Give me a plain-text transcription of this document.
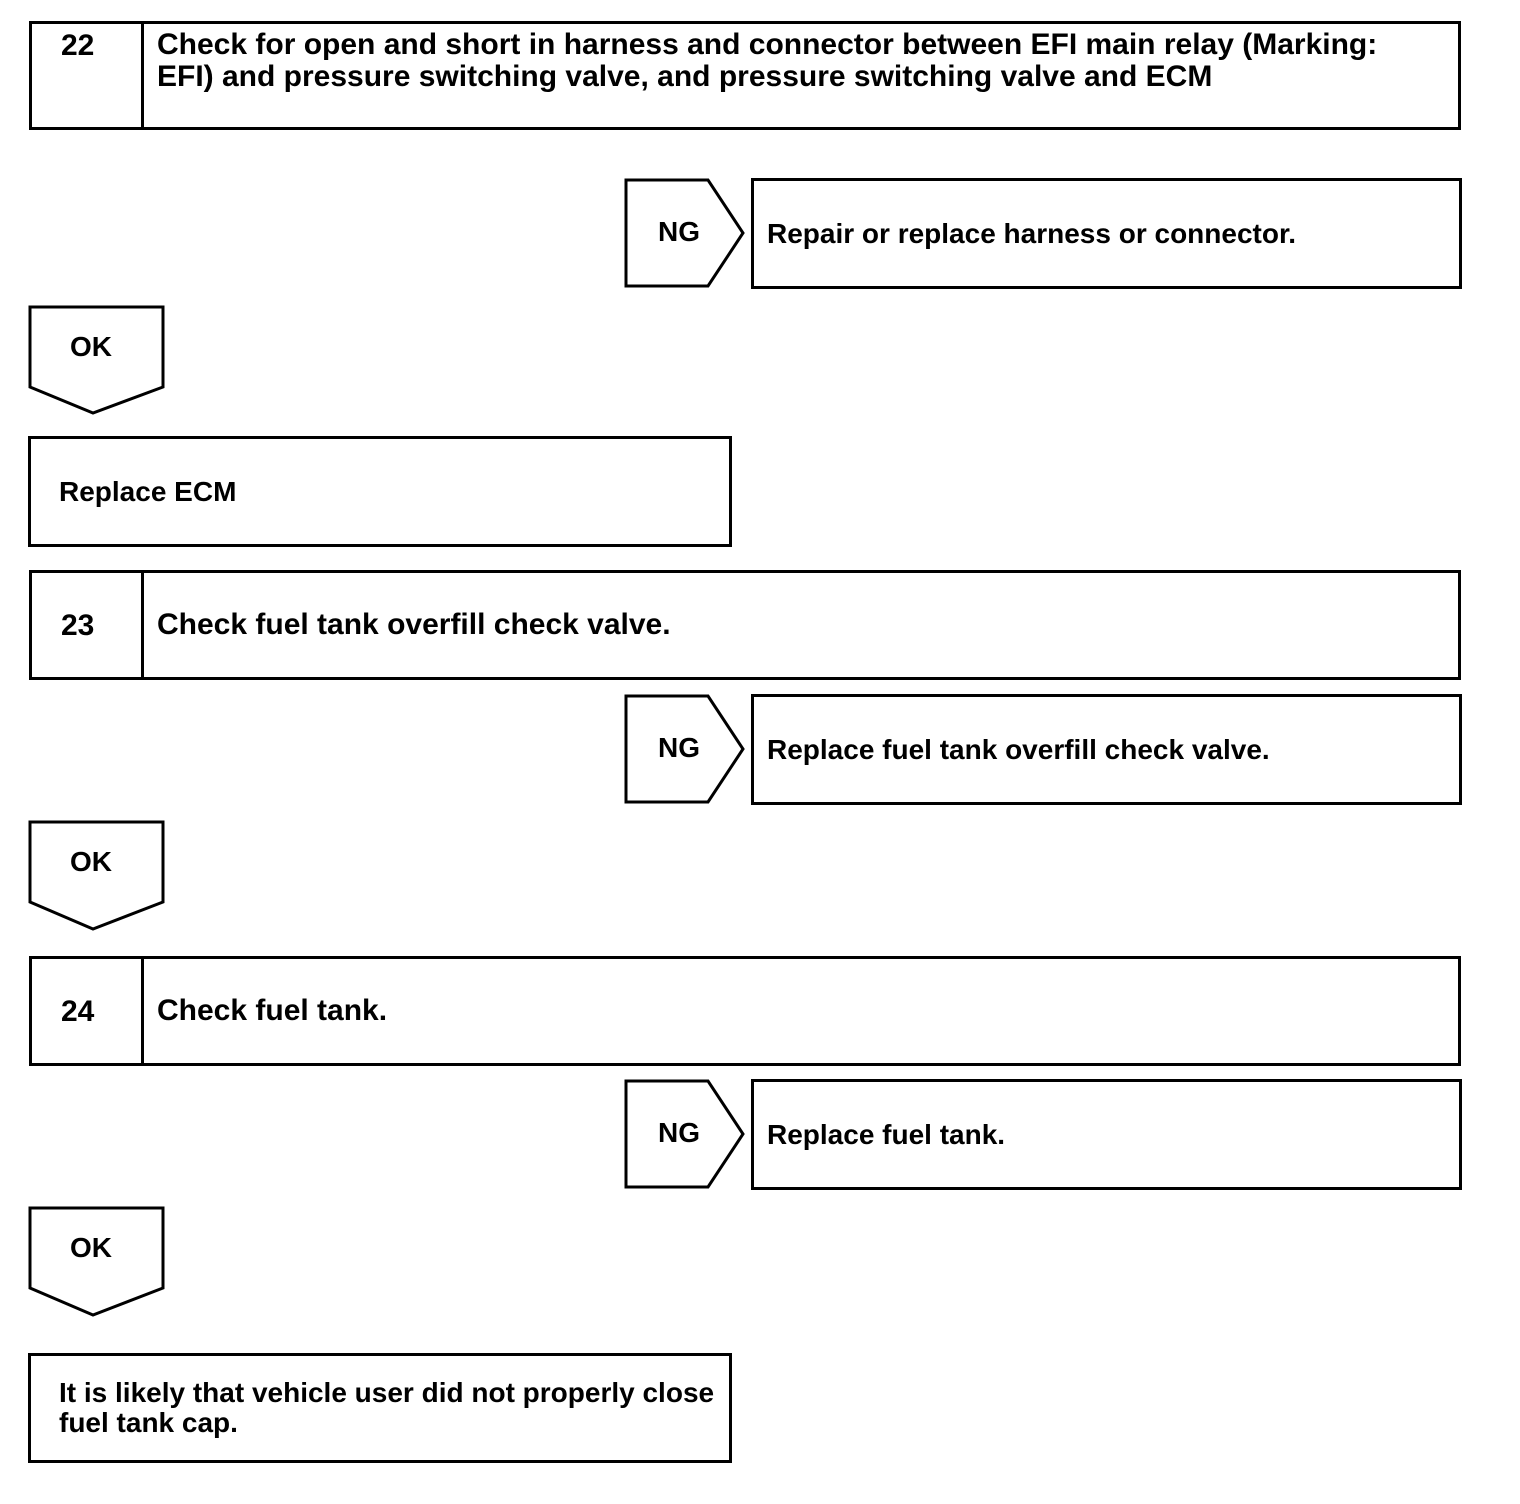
22 Check for open and short in harness and connector between EFI main relay (Marking: EFI) and pressure switching valve, and pressure switching valve and ECM
NG Repair or replace harness or connector.
OK
Replace ECM
23 Check fuel tank overfill check valve.
NG Replace fuel tank overfill check valve.
OK
24 Check fuel tank.
NG Replace fuel tank.
OK
It is likely that vehicle user did not properly close fuel tank cap.
